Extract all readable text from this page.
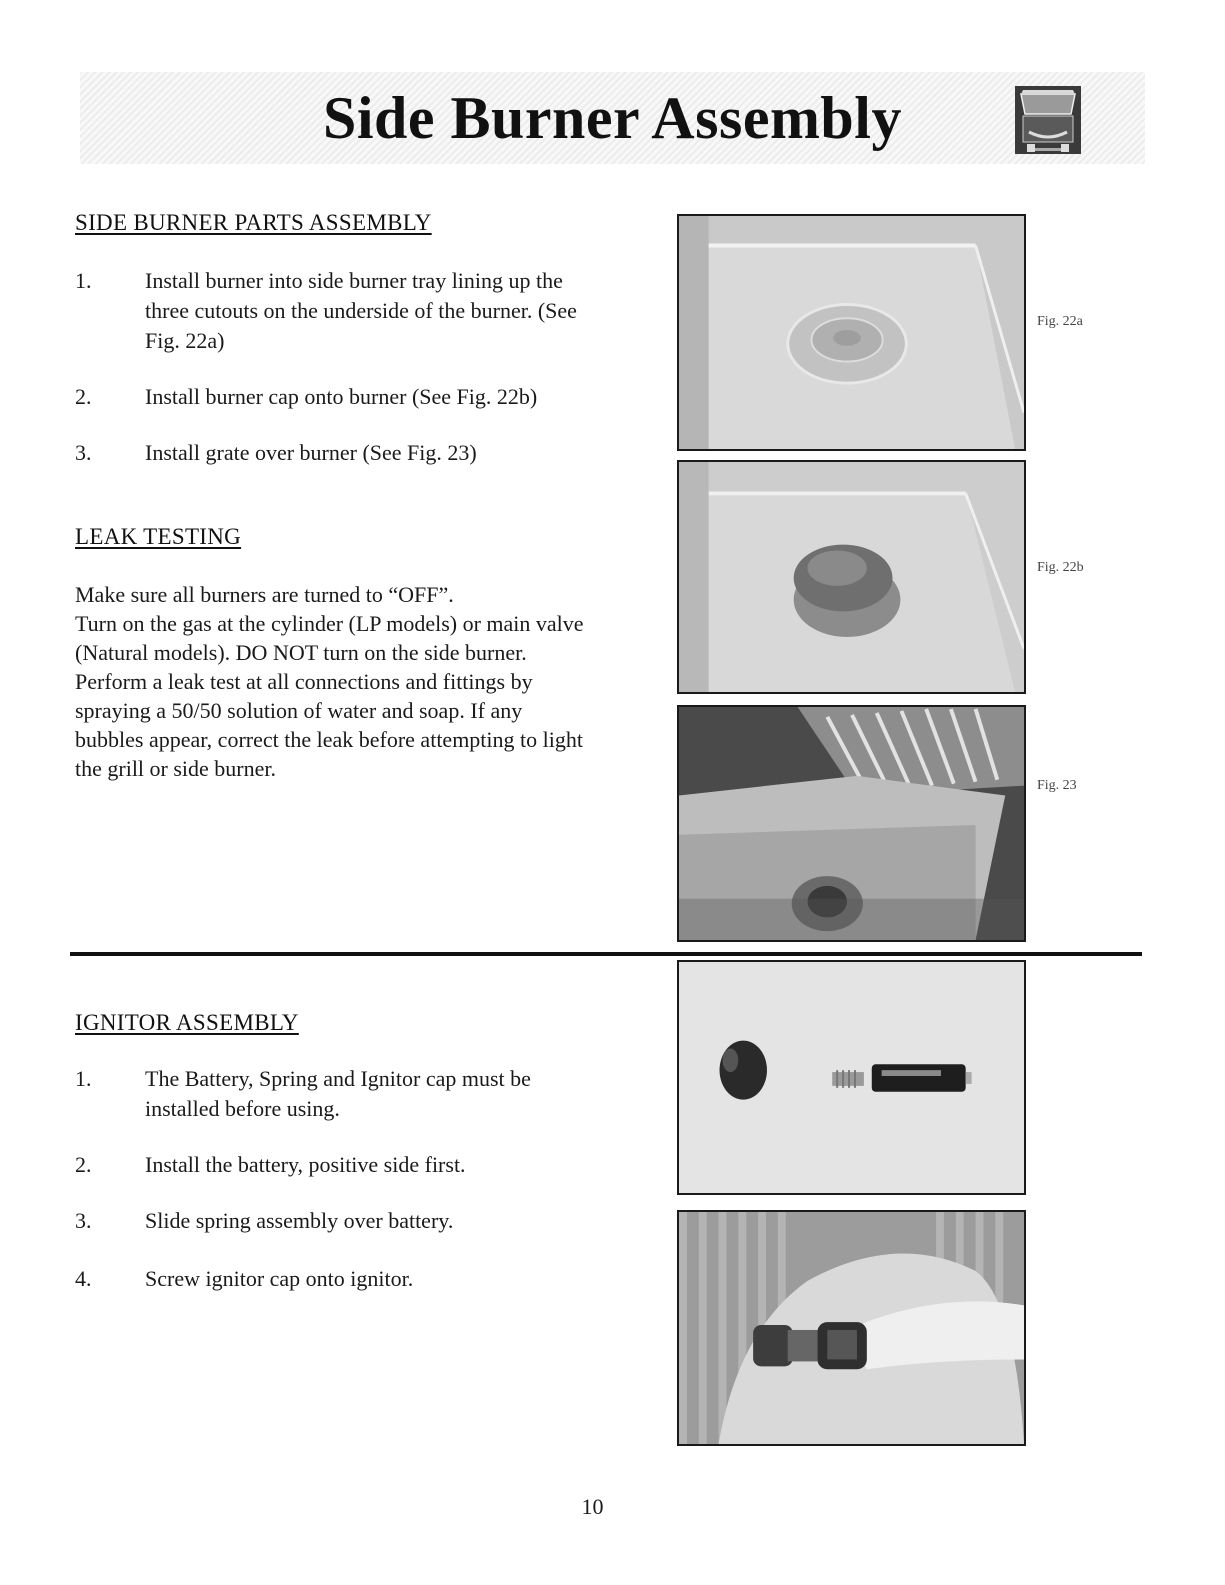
Side Burner Assembly
SIDE BURNER PARTS ASSEMBLY
1. Install burner into side burner tray lining up the three cutouts on the underside of the burner. (See Fig. 22a)
2. Install burner cap onto burner (See Fig. 22b)
3. Install grate over burner (See Fig. 23)
LEAK TESTING

Make sure all burners are turned to “OFF”.

Turn on the gas at the cylinder (LP models) or main valve (Natural models). DO NOT turn on the side burner. Perform a leak test at all connections and fittings by spraying a 50/50 solution of water and soap. If any bubbles appear, correct the leak before attempting to light the grill or side burner.

Fig. 22a
Fig. 22b
Fig. 23
IGNITOR ASSEMBLY
1. The Battery, Spring and Ignitor cap must be installed before using.
2. Install the battery, positive side first.
3. Slide spring assembly over battery.
4. Screw ignitor cap onto ignitor.
10
